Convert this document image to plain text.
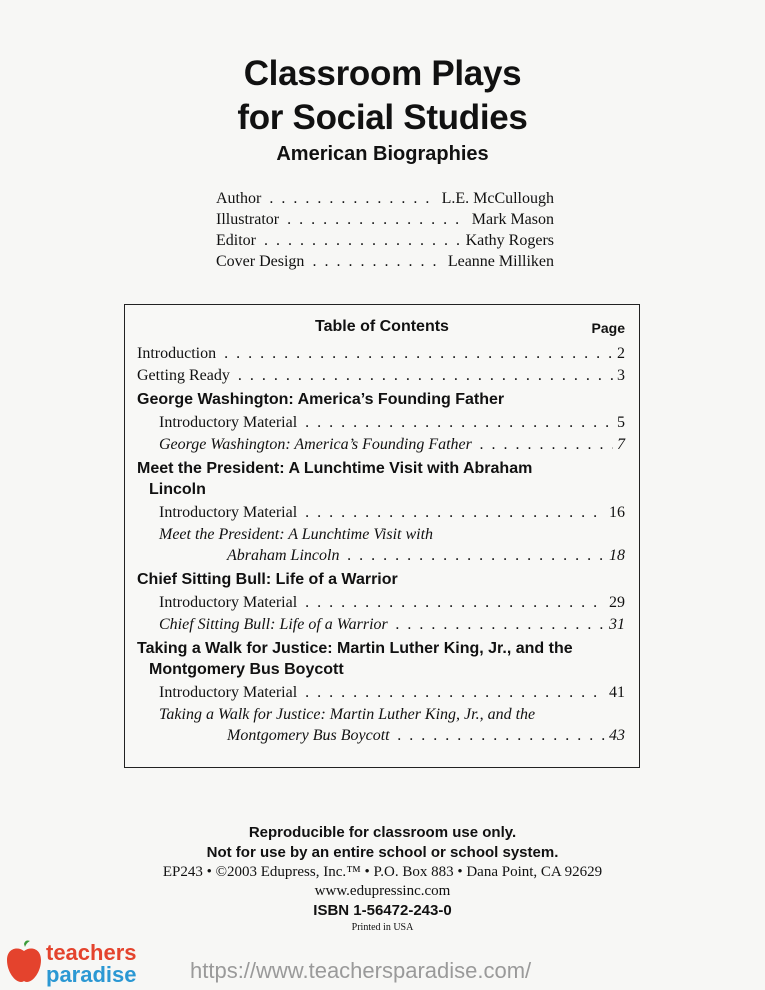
Classroom Plays
for Social Studies
American Biographies
Author . . .	L.E. McCullough
Illustrator . . .	Mark Mason
Editor . . .	Kathy Rogers
Cover Design . . .	Leanne Milliken
Table of Contents	Page
Introduction . . .	2
Getting Ready . . .	3
George Washington: America’s Founding Father
Introductory Material . . .	5
George Washington: America’s Founding Father . . .	7
Meet the President: A Lunchtime Visit with Abraham
Lincoln
Introductory Material . . .	16
Meet the President: A Lunchtime Visit with
Abraham Lincoln . . .	18
Chief Sitting Bull: Life of a Warrior
Introductory Material . . .	29
Chief Sitting Bull: Life of a Warrior . . .	31
Taking a Walk for Justice: Martin Luther King, Jr., and the
Montgomery Bus Boycott
Introductory Material . . .	41
Taking a Walk for Justice: Martin Luther King, Jr., and the
Montgomery Bus Boycott . . .	43
Reproducible for classroom use only.
Not for use by an entire school or school system.
EP243 • ©2003 Edupress, Inc.™ • P.O. Box 883 • Dana Point, CA 92629
www.edupressinc.com
ISBN 1-56472-243-0
Printed in USA
teachers
paradise https://www.teachersparadise.com/
